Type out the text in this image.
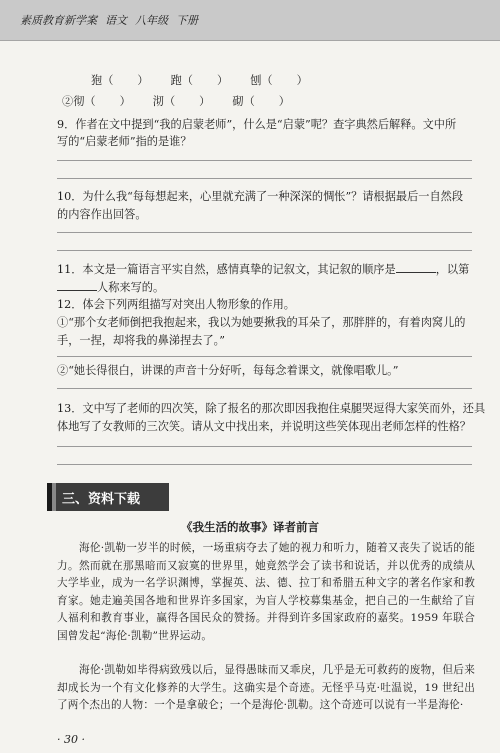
素质教育新学案 语文 八年级 下册
狍（ ） 跑（ ） 刨（ ）
②彻（ ） 沏（ ） 砌（ ）
9．作者在文中提到“我的启蒙老师”，什么是“启蒙”呢？查字典然后解释。文中所
写的“启蒙老师”指的是谁？
10．为什么我“每每想起来，心里就充满了一种深深的惆怅”？请根据最后一自然段
的内容作出回答。
11．本文是一篇语言平实自然，感情真挚的记叙文，其记叙的顺序是	，以第
人称来写的。
12．体会下列两组描写对突出人物形象的作用。
①“那个女老师倒把我抱起来，我以为她要揪我的耳朵了，那胖胖的，有着肉窝儿的
手，一捏，却将我的鼻涕捏去了。”
②“她长得很白，讲课的声音十分好听，每每念着课文，就像唱歌儿。”
13．文中写了老师的四次笑，除了报名的那次即因我抱住桌腿哭逗得大家笑而外，还具
体地写了女教师的三次笑。请从文中找出来，并说明这些笑体现出老师怎样的性格？
三、资料下载
《我生活的故事》译者前言
海伦·凯勒一岁半的时候，一场重病夺去了她的视力和听力，随着又丧失了说话的能力。然而就在那黑暗而又寂寞的世界里，她竟然学会了读书和说话，并以优秀的成绩从大学毕业，成为一名学识渊博，掌握英、法、德、拉丁和希腊五种文字的著名作家和教育家。她走遍美国各地和世界许多国家，为盲人学校募集基金，把自己的一生献给了盲人福利和教育事业，赢得各国民众的赞扬。并得到许多国家政府的嘉奖。1959 年联合国曾发起“海伦·凯勒”世界运动。
海伦·凯勒如毕得病致残以后，显得愚昧而又乖戾，几乎是无可救药的废物，但后来却成长为一个有文化修养的大学生。这确实是个奇迹。无怪乎马克·吐温说，19 世纪出了两个杰出的人物：一个是拿破仑；一个是海伦·凯勒。这个奇迹可以说有一半是海伦·
· 30 ·
